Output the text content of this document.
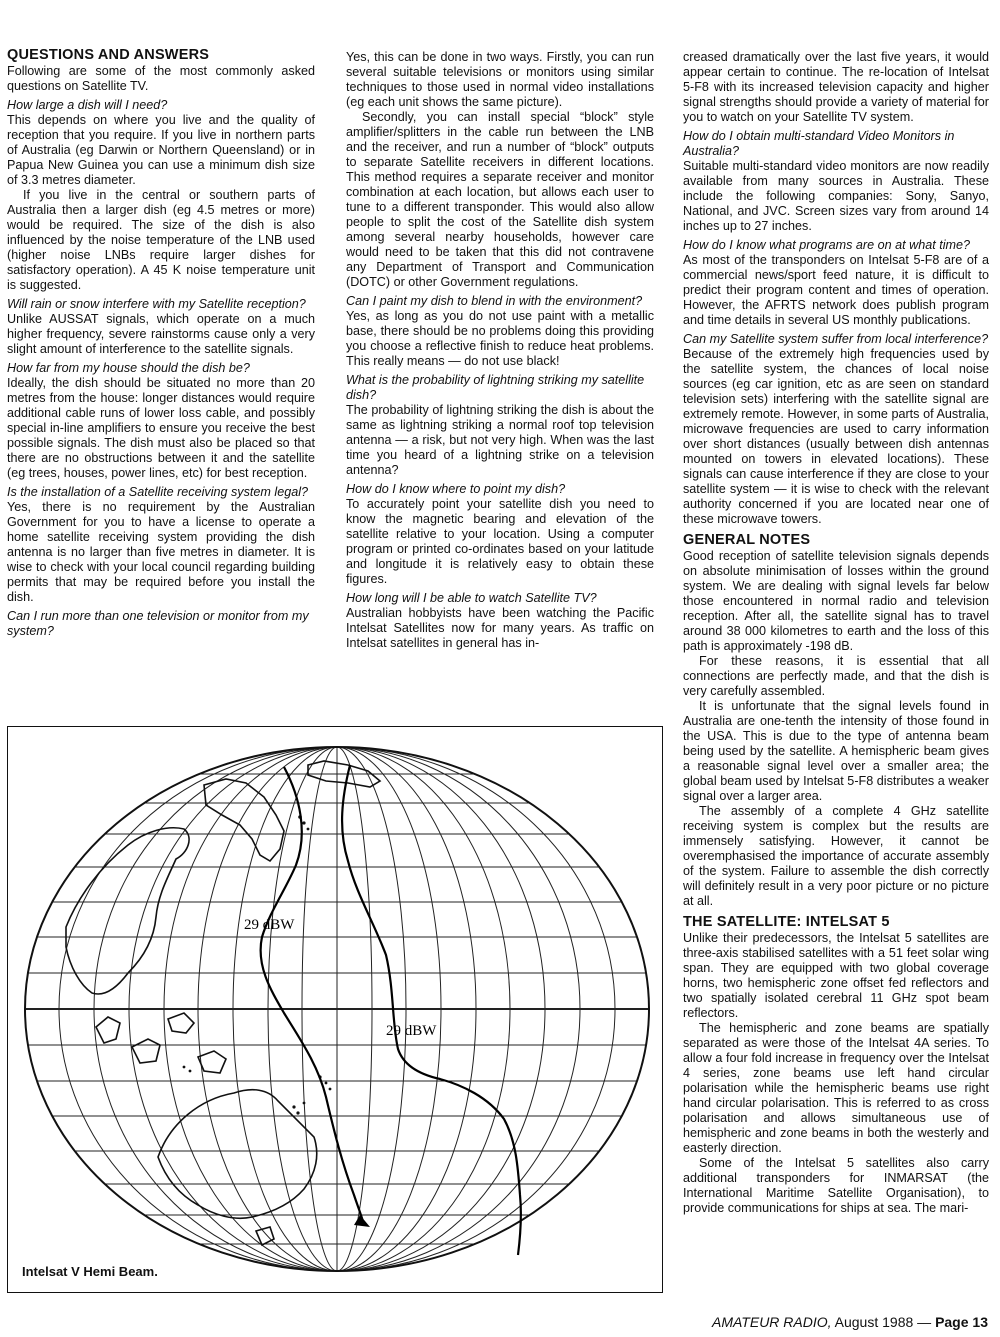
QUESTIONS AND ANSWERS

Following are some of the most commonly asked questions on Satellite TV.

How large a dish will I need?

This depends on where you live and the quality of reception that you require. If you live in northern parts of Australia (eg Darwin or Northern Queensland) or in Papua New Guinea you can use a minimum dish size of 3.3 metres diameter.

If you live in the central or southern parts of Australia then a larger dish (eg 4.5 metres or more) would be required. The size of the dish is also influenced by the noise temperature of the LNB used (higher noise LNBs require larger dishes for satisfactory operation). A 45 K noise temperature unit is suggested.

Will rain or snow interfere with my Satellite reception?

Unlike AUSSAT signals, which operate on a much higher frequency, severe rainstorms cause only a very slight amount of interference to the satellite signals.

How far from my house should the dish be?

Ideally, the dish should be situated no more than 20 metres from the house: longer distances would require additional cable runs of lower loss cable, and possibly special in-line amplifiers to ensure you receive the best possible signals. The dish must also be placed so that there are no obstructions between it and the satellite (eg trees, houses, power lines, etc) for best reception.

Is the installation of a Satellite receiving system legal?

Yes, there is no requirement by the Australian Government for you to have a license to operate a home satellite receiving system providing the dish antenna is no larger than five metres in diameter. It is wise to check with your local council regarding building permits that may be required before you install the dish.

Can I run more than one television or monitor from my system?

Yes, this can be done in two ways. Firstly, you can run several suitable televisions or monitors using similar techniques to those used in normal video installations (eg each unit shows the same picture).

Secondly, you can install special “block” style amplifier/splitters in the cable run between the LNB and the receiver, and run a number of “block” outputs to separate Satellite receivers in different locations. This method requires a separate receiver and monitor combination at each location, but allows each user to tune to a different transponder. This would also allow people to split the cost of the Satellite dish system among several nearby households, however care would need to be taken that this did not contravene any Department of Transport and Communication (DOTC) or other Government regulations.

Can I paint my dish to blend in with the environment?

Yes, as long as you do not use paint with a metallic base, there should be no problems doing this providing you choose a reflective finish to reduce heat problems. This really means — do not use black!

What is the probability of lightning striking my satellite dish?

The probability of lightning striking the dish is about the same as lightning striking a normal roof top television antenna — a risk, but not very high. When was the last time you heard of a lightning strike on a television antenna?

How do I know where to point my dish?

To accurately point your satellite dish you need to know the magnetic bearing and elevation of the satellite relative to your location. Using a computer program or printed co-ordinates based on your latitude and longitude it is relatively easy to obtain these figures.

How long will I be able to watch Satellite TV?

Australian hobbyists have been watching the Pacific Intelsat Satellites now for many years. As traffic on Intelsat satellites in general has in-

creased dramatically over the last five years, it would appear certain to continue. The re-location of Intelsat 5-F8 with its increased television capacity and higher signal strengths should provide a variety of material for you to watch on your Satellite TV system.

How do I obtain multi-standard Video Monitors in Australia?

Suitable multi-standard video monitors are now readily available from many sources in Australia. These include the following companies: Sony, Sanyo, National, and JVC. Screen sizes vary from around 14 inches up to 27 inches.

How do I know what programs are on at what time?

As most of the transponders on Intelsat 5-F8 are of a commercial news/sport feed nature, it is difficult to predict their program content and times of operation. However, the AFRTS network does publish program and time details in several US monthly publications.

Can my Satellite system suffer from local interference?

Because of the extremely high frequencies used by the satellite system, the chances of local noise sources (eg car ignition, etc as are seen on standard television sets) interfering with the satellite signal are extremely remote. However, in some parts of Australia, microwave frequencies are used to carry information over short distances (usually between dish antennas mounted on towers in elevated locations). These signals can cause interference if they are close to your satellite system — it is wise to check with the relevant authority concerned if you are located near one of these microwave towers.

GENERAL NOTES

Good reception of satellite television signals depends on absolute minimisation of losses within the ground system. We are dealing with signal levels far below those encountered in normal radio and television reception. After all, the satellite signal has to travel around 38 000 kilometres to earth and the loss of this path is approximately -198 dB.

For these reasons, it is essential that all connections are perfectly made, and that the dish is very carefully assembled.

It is unfortunate that the signal levels found in Australia are one-tenth the intensity of those found in the USA. This is due to the type of antenna beam being used by the satellite. A hemispheric beam gives a reasonable signal level over a smaller area; the global beam used by Intelsat 5-F8 distributes a weaker signal over a larger area.

The assembly of a complete 4 GHz satellite receiving system is complex but the results are immensely satisfying. However, it cannot be overemphasised the importance of accurate assembly of the system. Failure to assemble the dish correctly will definitely result in a very poor picture or no picture at all.

THE SATELLITE: INTELSAT 5

Unlike their predecessors, the Intelsat 5 satellites are three-axis stabilised satellites with a 51 feet solar wing span. They are equipped with two global coverage horns, two hemispheric zone offset fed reflectors and two spatially isolated cerebral 11 GHz spot beam reflectors.

The hemispheric and zone beams are spatially separated as were those of the Intelsat 4A series. To allow a four fold increase in frequency over the Intelsat 4 series, zone beams use left hand circular polarisation while the hemispheric beams use right hand circular polarisation. This is referred to as cross polarisation and allows simultaneous use of hemispheric and zone beams in both the westerly and easterly direction.

Some of the Intelsat 5 satellites also carry additional transponders for INMARSAT (the International Maritime Satellite Organisation), to provide communications for ships at sea. The mari-

29 dBW
29 dBW
Intelsat V Hemi Beam.
AMATEUR RADIO, August 1988 — Page 13
